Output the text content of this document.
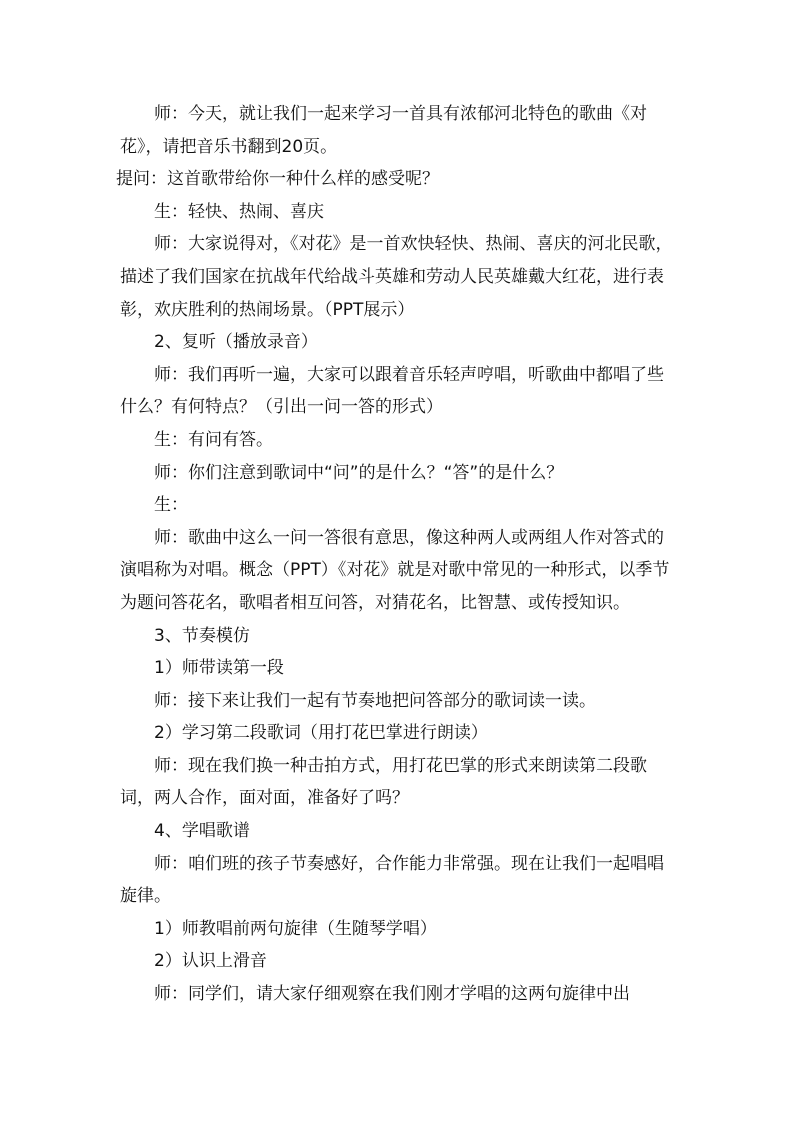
师：今天，就让我们一起来学习一首具有浓郁河北特色的歌曲《对花》，请把音乐书翻到20页。

提问：这首歌带给你一种什么样的感受呢？

生：轻快、热闹、喜庆

师：大家说得对，《对花》是一首欢快轻快、热闹、喜庆的河北民歌，描述了我们国家在抗战年代给战斗英雄和劳动人民英雄戴大红花，进行表彰，欢庆胜利的热闹场景。（PPT展示）

2、复听（播放录音）

师：我们再听一遍，大家可以跟着音乐轻声哼唱，听歌曲中都唱了些什么？有何特点？（引出一问一答的形式）

生：有问有答。

师：你们注意到歌词中“问”的是什么？“答”的是什么？

生：

师：歌曲中这么一问一答很有意思，像这种两人或两组人作对答式的演唱称为对唱。概念（PPT）《对花》就是对歌中常见的一种形式，以季节为题问答花名，歌唱者相互问答，对猜花名，比智慧、或传授知识。

3、节奏模仿

1）师带读第一段

师：接下来让我们一起有节奏地把问答部分的歌词读一读。

2）学习第二段歌词（用打花巴掌进行朗读）

师：现在我们换一种击拍方式，用打花巴掌的形式来朗读第二段歌词，两人合作，面对面，准备好了吗？

4、学唱歌谱

师：咱们班的孩子节奏感好，合作能力非常强。现在让我们一起唱唱旋律。

1）师教唱前两句旋律（生随琴学唱）

2）认识上滑音

师：同学们，请大家仔细观察在我们刚才学唱的这两句旋律中出
